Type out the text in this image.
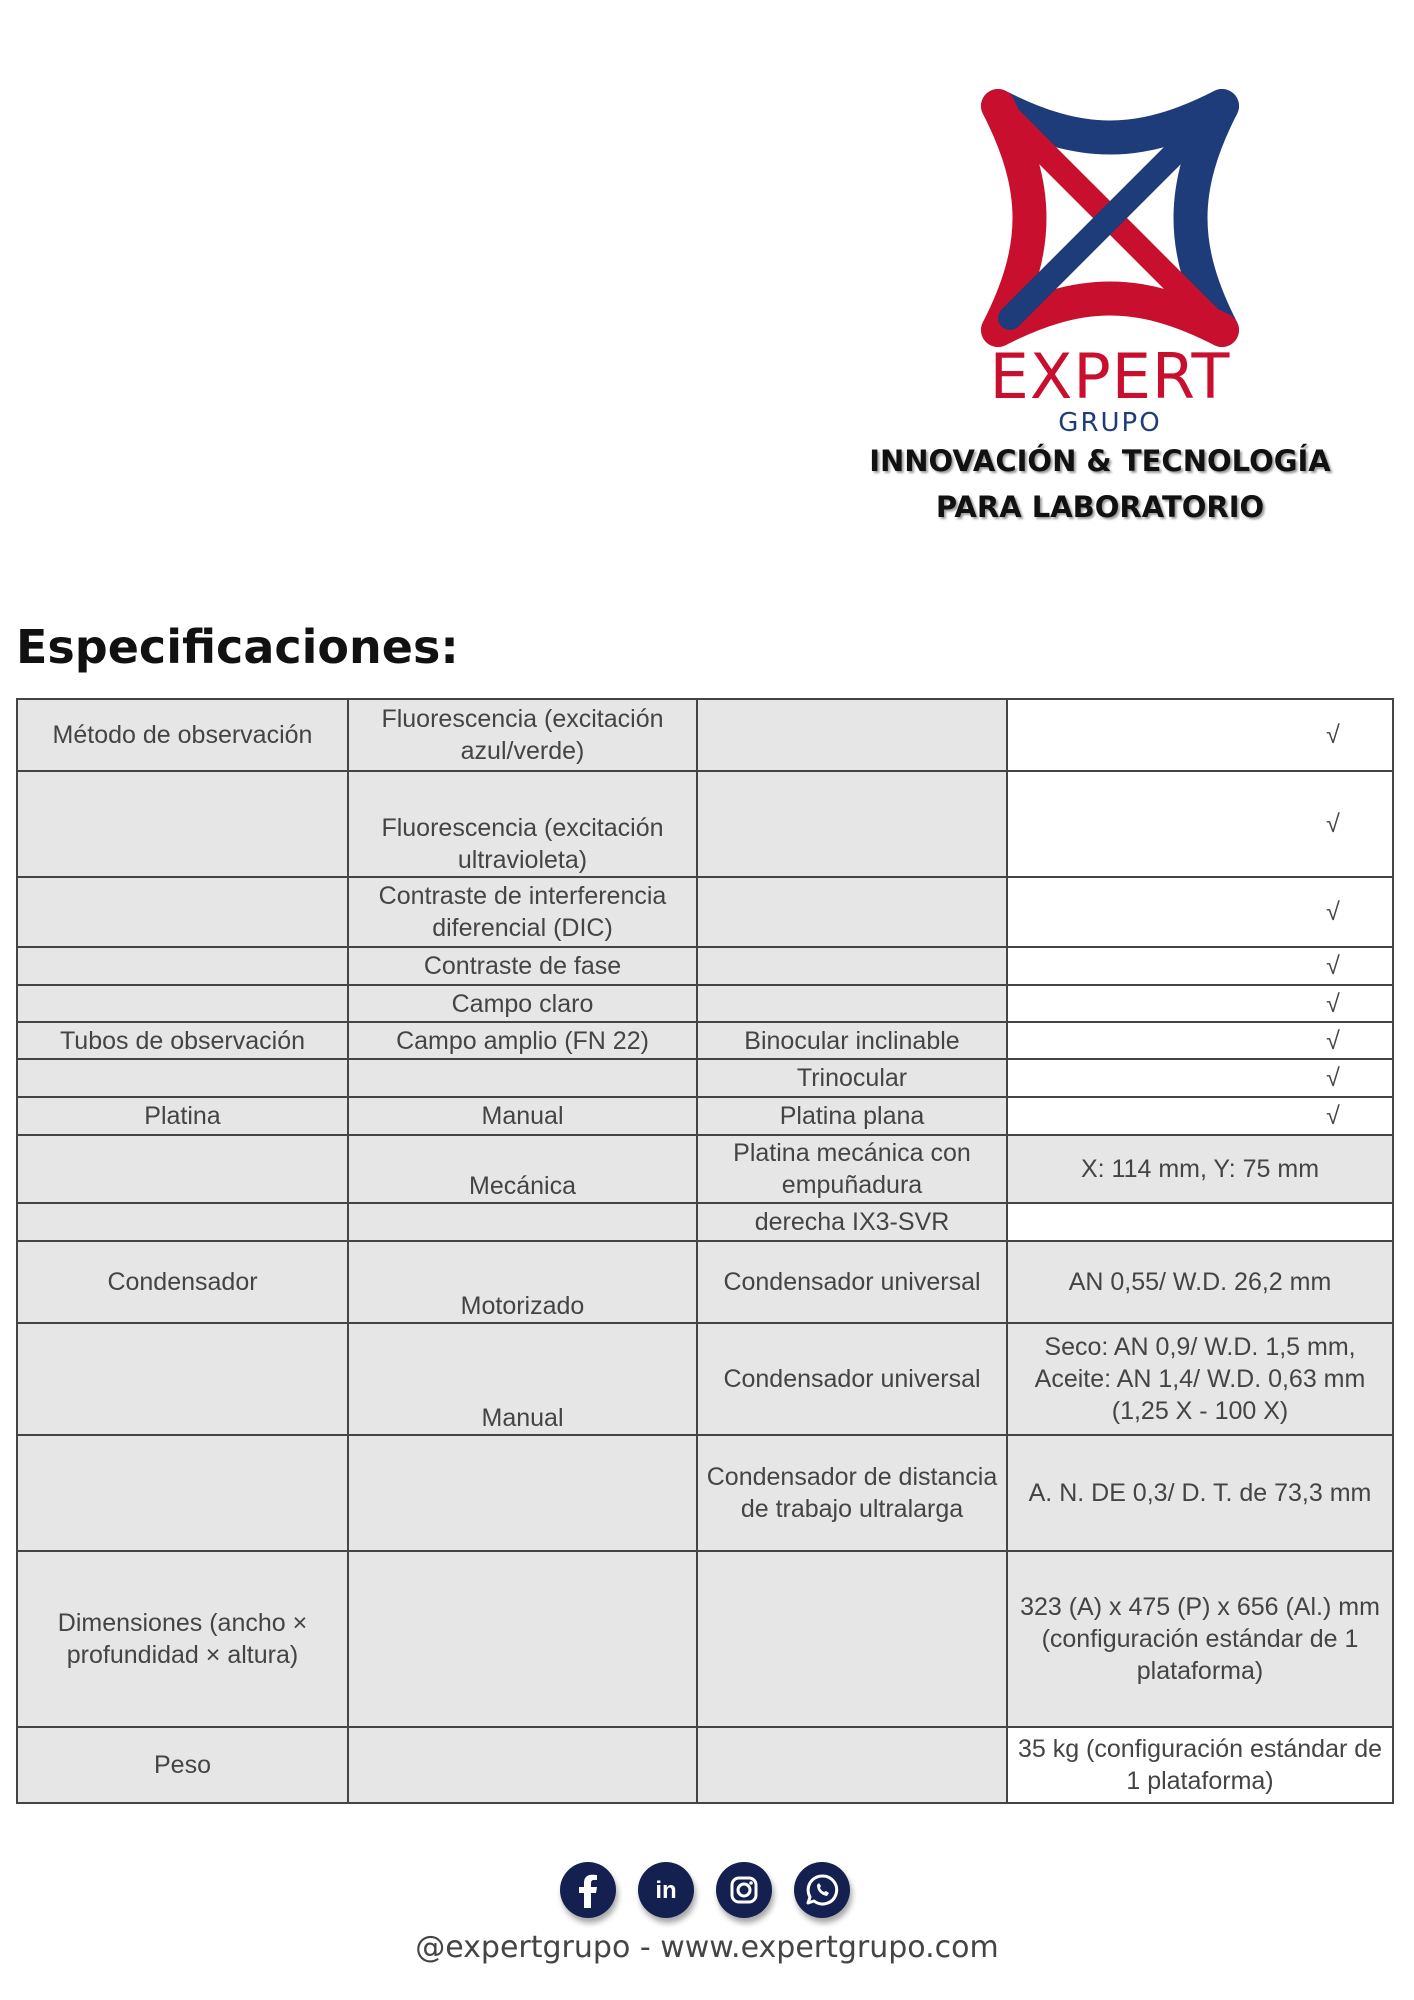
EXPERT
GRUPO
INNOVACIÓN & TECNOLOGÍA
PARA LABORATORIO
Especificaciones:
Método de observación	Fluorescencia (excitación azul/verde)		√
	Fluorescencia (excitación ultravioleta)		√
	Contraste de interferencia diferencial (DIC)		√
	Contraste de fase		√
	Campo claro		√
Tubos de observación	Campo amplio (FN 22)	Binocular inclinable	√
		Trinocular	√
Platina	Manual	Platina plana	√
	Mecánica	Platina mecánica con empuñadura	X: 114 mm, Y: 75 mm
		derecha IX3-SVR	
Condensador	Motorizado	Condensador universal	AN 0,55/ W.D. 26,2 mm
	Manual	Condensador universal	Seco: AN 0,9/ W.D. 1,5 mm, Aceite: AN 1,4/ W.D. 0,63 mm (1,25 X - 100 X)
		Condensador de distancia de trabajo ultralarga	A. N. DE 0,3/ D. T. de 73,3 mm
Dimensiones (ancho × profundidad × altura)			323 (A) x 475 (P) x 656 (Al.) mm (configuración estándar de 1 plataforma)
Peso			35 kg (configuración estándar de 1 plataforma)
in
@expertgrupo - www.expertgrupo.com
